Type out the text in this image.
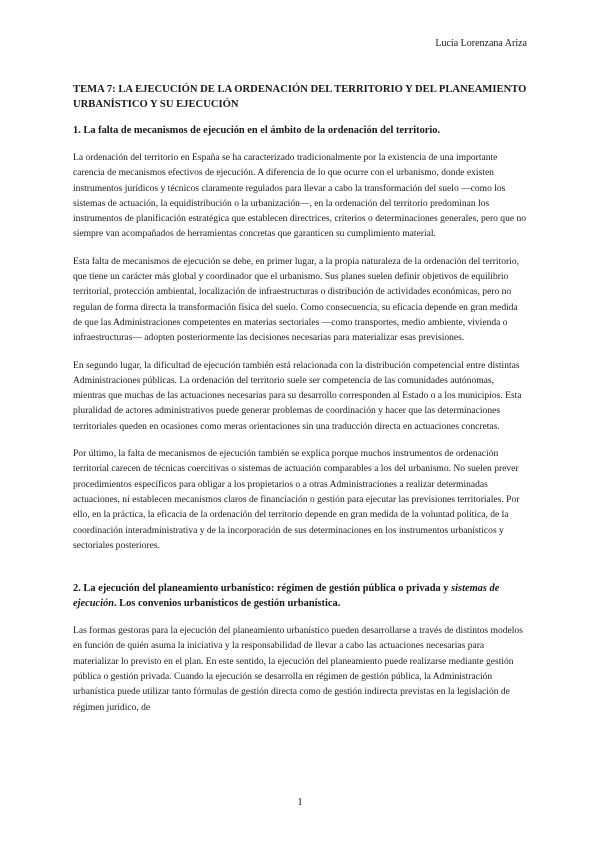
Lucía Lorenzana Ariza
TEMA 7: LA EJECUCIÓN DE LA ORDENACIÓN DEL TERRITORIO Y DEL PLANEAMIENTO URBANÍSTICO Y SU EJECUCIÓN
1. La falta de mecanismos de ejecución en el ámbito de la ordenación del territorio.

La ordenación del territorio en España se ha caracterizado tradicionalmente por la existencia de una importante carencia de mecanismos efectivos de ejecución. A diferencia de lo que ocurre con el urbanismo, donde existen instrumentos jurídicos y técnicos claramente regulados para llevar a cabo la transformación del suelo —como los sistemas de actuación, la equidistribución o la urbanización—, en la ordenación del territorio predominan los instrumentos de planificación estratégica que establecen directrices, criterios o determinaciones generales, pero que no siempre van acompañados de herramientas concretas que garanticen su cumplimiento material.

Esta falta de mecanismos de ejecución se debe, en primer lugar, a la propia naturaleza de la ordenación del territorio, que tiene un carácter más global y coordinador que el urbanismo. Sus planes suelen definir objetivos de equilibrio territorial, protección ambiental, localización de infraestructuras o distribución de actividades económicas, pero no regulan de forma directa la transformación física del suelo. Como consecuencia, su eficacia depende en gran medida de que las Administraciones competentes en materias sectoriales —como transportes, medio ambiente, vivienda o infraestructuras— adopten posteriormente las decisiones necesarias para materializar esas previsiones.

En segundo lugar, la dificultad de ejecución también está relacionada con la distribución competencial entre distintas Administraciones públicas. La ordenación del territorio suele ser competencia de las comunidades autónomas, mientras que muchas de las actuaciones necesarias para su desarrollo corresponden al Estado o a los municipios. Esta pluralidad de actores administrativos puede generar problemas de coordinación y hacer que las determinaciones territoriales queden en ocasiones como meras orientaciones sin una traducción directa en actuaciones concretas.

Por último, la falta de mecanismos de ejecución también se explica porque muchos instrumentos de ordenación territorial carecen de técnicas coercitivas o sistemas de actuación comparables a los del urbanismo. No suelen prever procedimientos específicos para obligar a los propietarios o a otras Administraciones a realizar determinadas actuaciones, ni establecen mecanismos claros de financiación o gestión para ejecutar las previsiones territoriales. Por ello, en la práctica, la eficacia de la ordenación del territorio depende en gran medida de la voluntad política, de la coordinación interadministrativa y de la incorporación de sus determinaciones en los instrumentos urbanísticos y sectoriales posteriores.

2. La ejecución del planeamiento urbanístico: régimen de gestión pública o privada y sistemas de ejecución. Los convenios urbanísticos de gestión urbanística.

Las formas gestoras para la ejecución del planeamiento urbanístico pueden desarrollarse a través de distintos modelos en función de quién asuma la iniciativa y la responsabilidad de llevar a cabo las actuaciones necesarias para materializar lo previsto en el plan. En este sentido, la ejecución del planeamiento puede realizarse mediante gestión pública o gestión privada. Cuando la ejecución se desarrolla en régimen de gestión pública, la Administración urbanística puede utilizar tanto fórmulas de gestión directa como de gestión indirecta previstas en la legislación de régimen jurídico, de

1
